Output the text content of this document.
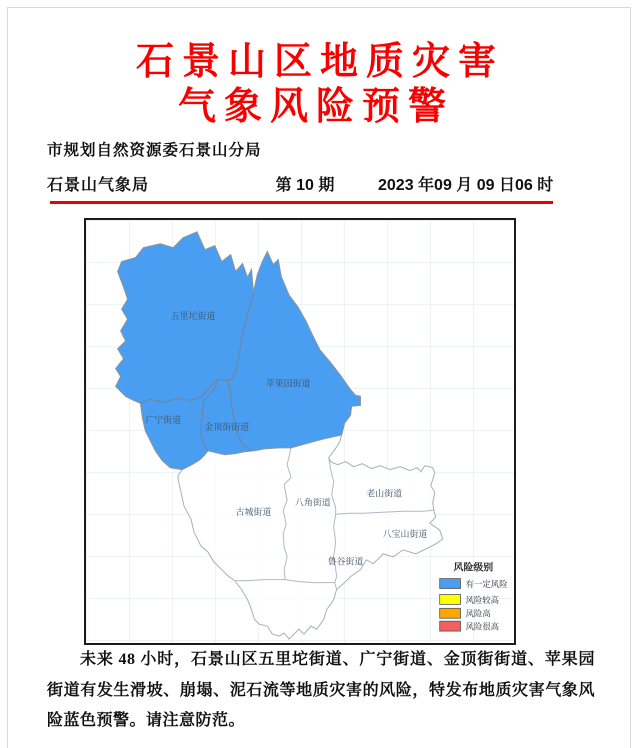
石景山区地质灾害
气象风险预警
市规划自然资源委石景山分局
石景山气象局	第 10 期	2023 年09 月 09 日06 时
五里坨街道
苹果园街道
广宁街道
金顶街街道
古城街道
八角街道
老山街道
八宝山街道
鲁谷街道
风险级别
有一定风险
风险较高
风险高
风险很高

未来 48 小时，石景山区五里坨街道、广宁街道、金顶街街道、苹果园街道有发生滑坡、崩塌、泥石流等地质灾害的风险，特发布地质灾害气象风险蓝色预警。请注意防范。
